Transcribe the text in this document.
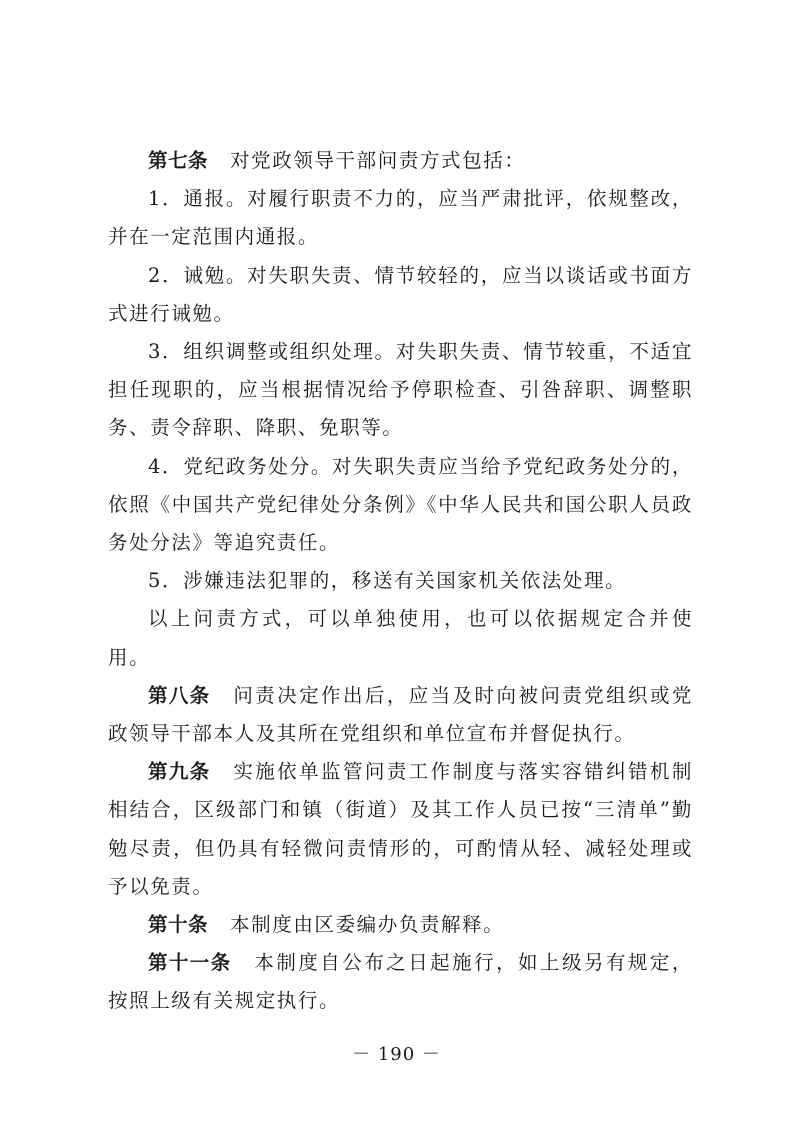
第七条 对党政领导干部问责方式包括：

1．通报。对履行职责不力的，应当严肃批评，依规整改，并在一定范围内通报。

2．诫勉。对失职失责、情节较轻的，应当以谈话或书面方式进行诫勉。

3．组织调整或组织处理。对失职失责、情节较重，不适宜担任现职的，应当根据情况给予停职检查、引咎辞职、调整职务、责令辞职、降职、免职等。

4．党纪政务处分。对失职失责应当给予党纪政务处分的，依照《中国共产党纪律处分条例》《中华人民共和国公职人员政务处分法》等追究责任。

5．涉嫌违法犯罪的，移送有关国家机关依法处理。

以上问责方式，可以单独使用，也可以依据规定合并使用。

第八条 问责决定作出后，应当及时向被问责党组织或党政领导干部本人及其所在党组织和单位宣布并督促执行。

第九条 实施依单监管问责工作制度与落实容错纠错机制相结合，区级部门和镇（街道）及其工作人员已按“三清单”勤勉尽责，但仍具有轻微问责情形的，可酌情从轻、减轻处理或予以免责。

第十条 本制度由区委编办负责解释。

第十一条 本制度自公布之日起施行，如上级另有规定，按照上级有关规定执行。

－ 190 －
